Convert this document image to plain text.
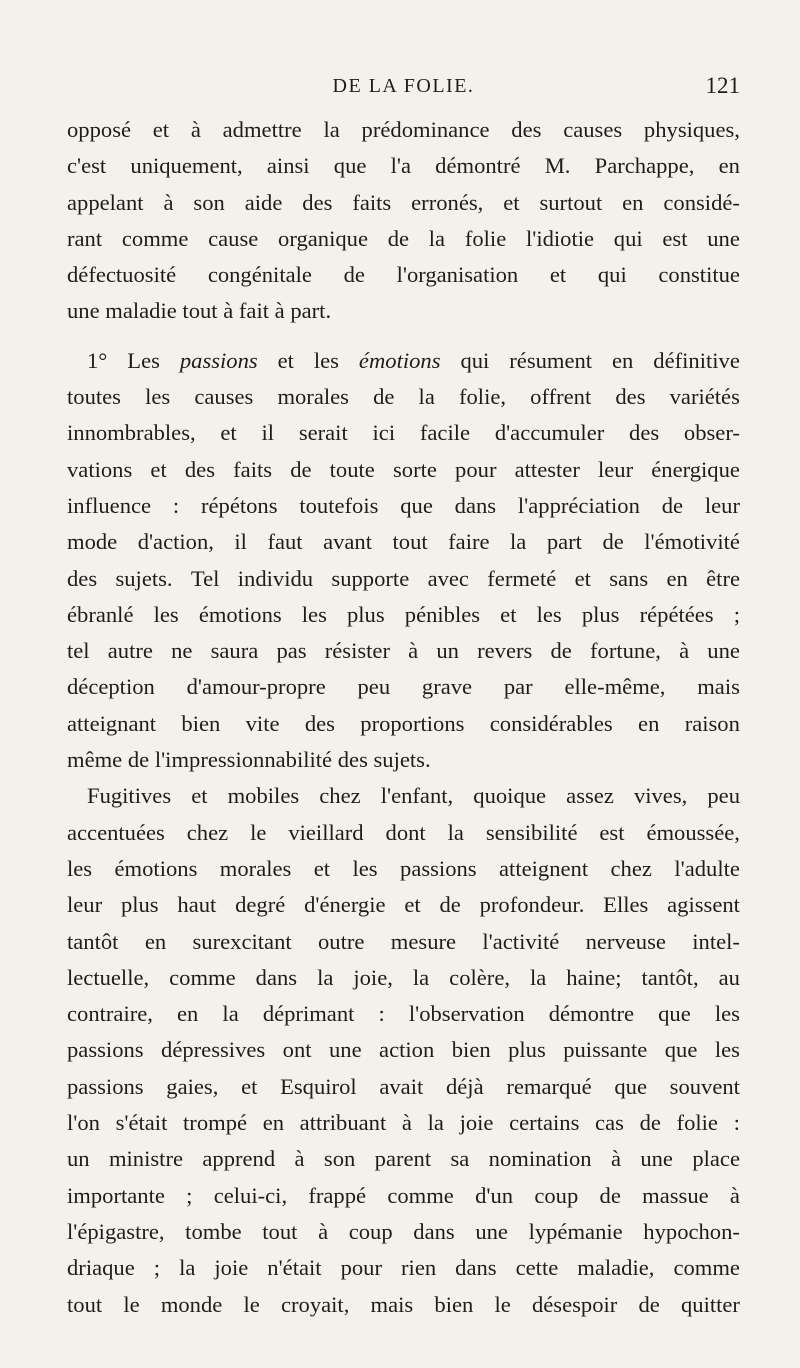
DE LA FOLIE.	121
opposé et à admettre la prédominance des causes physiques,
c'est uniquement, ainsi que l'a démontré M. Parchappe, en
appelant à son aide des faits erronés, et surtout en considé-
rant comme cause organique de la folie l'idiotie qui est une
défectuosité congénitale de l'organisation et qui constitue
une maladie tout à fait à part.
1° Les passions et les émotions qui résument en définitive
toutes les causes morales de la folie, offrent des variétés
innombrables, et il serait ici facile d'accumuler des obser-
vations et des faits de toute sorte pour attester leur énergique
influence : répétons toutefois que dans l'appréciation de leur
mode d'action, il faut avant tout faire la part de l'émotivité
des sujets. Tel individu supporte avec fermeté et sans en être
ébranlé les émotions les plus pénibles et les plus répétées ;
tel autre ne saura pas résister à un revers de fortune, à une
déception d'amour-propre peu grave par elle-même, mais
atteignant bien vite des proportions considérables en raison
même de l'impressionnabilité des sujets.
Fugitives et mobiles chez l'enfant, quoique assez vives, peu
accentuées chez le vieillard dont la sensibilité est émoussée,
les émotions morales et les passions atteignent chez l'adulte
leur plus haut degré d'énergie et de profondeur. Elles agissent
tantôt en surexcitant outre mesure l'activité nerveuse intel-
lectuelle, comme dans la joie, la colère, la haine; tantôt, au
contraire, en la déprimant : l'observation démontre que les
passions dépressives ont une action bien plus puissante que les
passions gaies, et Esquirol avait déjà remarqué que souvent
l'on s'était trompé en attribuant à la joie certains cas de folie :
un ministre apprend à son parent sa nomination à une place
importante ; celui-ci, frappé comme d'un coup de massue à
l'épigastre, tombe tout à coup dans une lypémanie hypochon-
driaque ; la joie n'était pour rien dans cette maladie, comme
tout le monde le croyait, mais bien le désespoir de quitter
